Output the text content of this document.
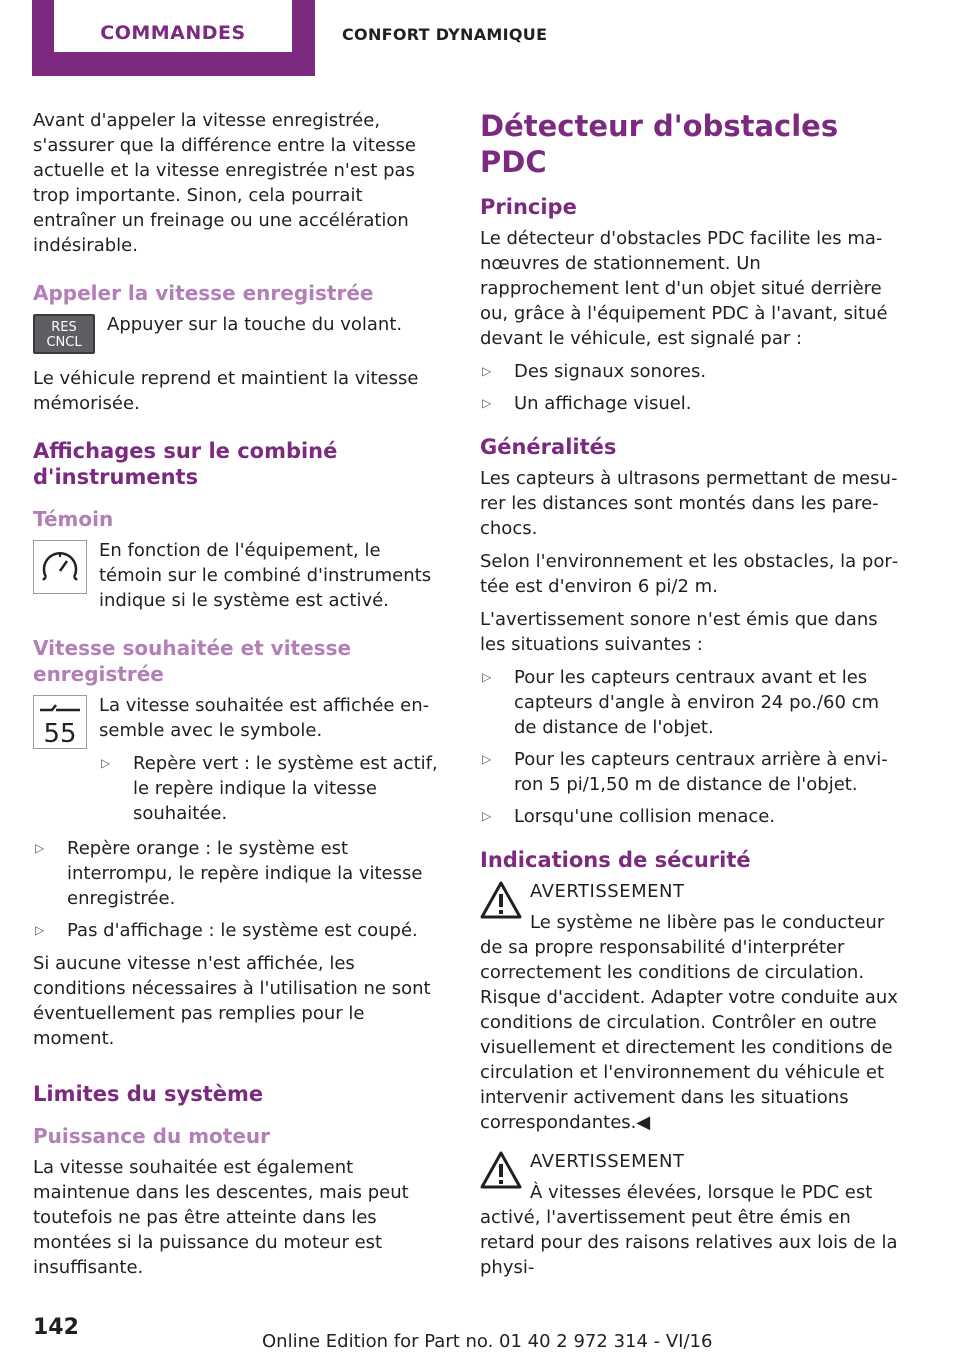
COMMANDES	CONFORT DYNAMIQUE

Avant d'appeler la vitesse enregistrée, s'assurer que la différence entre la vitesse actuelle et la vitesse enregistrée n'est pas trop importante. Sinon, cela pourrait entraîner un freinage ou une accélération indésirable.

Appeler la vitesse enregistrée
RES
CNCL

Appuyer sur la touche du volant.

Le véhicule reprend et maintient la vitesse mémorisée.

Affichages sur le combiné d'instruments
Témoin

En fonction de l'équipement, le témoin sur le combiné d'instruments indique si le système est activé.

Vitesse souhaitée et vitesse enregistrée
55

La vitesse souhaitée est affichée ensemble avec le symbole.

▷ Repère vert : le système est actif, le repère indique la vitesse souhaitée.
▷ Repère orange : le système est interrompu, le repère indique la vitesse enregistrée.
▷ Pas d'affichage : le système est coupé.

Si aucune vitesse n'est affichée, les conditions nécessaires à l'utilisation ne sont éventuellement pas remplies pour le moment.

Limites du système
Puissance du moteur

La vitesse souhaitée est également maintenue dans les descentes, mais peut toutefois ne pas être atteinte dans les montées si la puissance du moteur est insuffisante.

Détecteur d'obstacles PDC
Principe

Le détecteur d'obstacles PDC facilite les manœuvres de stationnement. Un rapprochement lent d'un objet situé derrière ou, grâce à l'équipement PDC à l'avant, situé devant le véhicule, est signalé par :

▷ Des signaux sonores.
▷ Un affichage visuel.
Généralités

Les capteurs à ultrasons permettant de mesurer les distances sont montés dans les pare-chocs.

Selon l'environnement et les obstacles, la portée est d'environ 6 pi/2 m.

L'avertissement sonore n'est émis que dans les situations suivantes :

▷ Pour les capteurs centraux avant et les capteurs d'angle à environ 24 po./60 cm de distance de l'objet.
▷ Pour les capteurs centraux arrière à environ 5 pi/1,50 m de distance de l'objet.
▷ Lorsqu'une collision menace.
Indications de sécurité
AVERTISSEMENT

Le système ne libère pas le conducteur de sa propre responsabilité d'interpréter correctement les conditions de circulation. Risque d'accident. Adapter votre conduite aux conditions de circulation. Contrôler en outre visuellement et directement les conditions de circulation et l'environnement du véhicule et intervenir activement dans les situations correspondantes.◀

AVERTISSEMENT

À vitesses élevées, lorsque le PDC est activé, l'avertissement peut être émis en retard pour des raisons relatives aux lois de la physi-

142
Online Edition for Part no. 01 40 2 972 314 - VI/16
